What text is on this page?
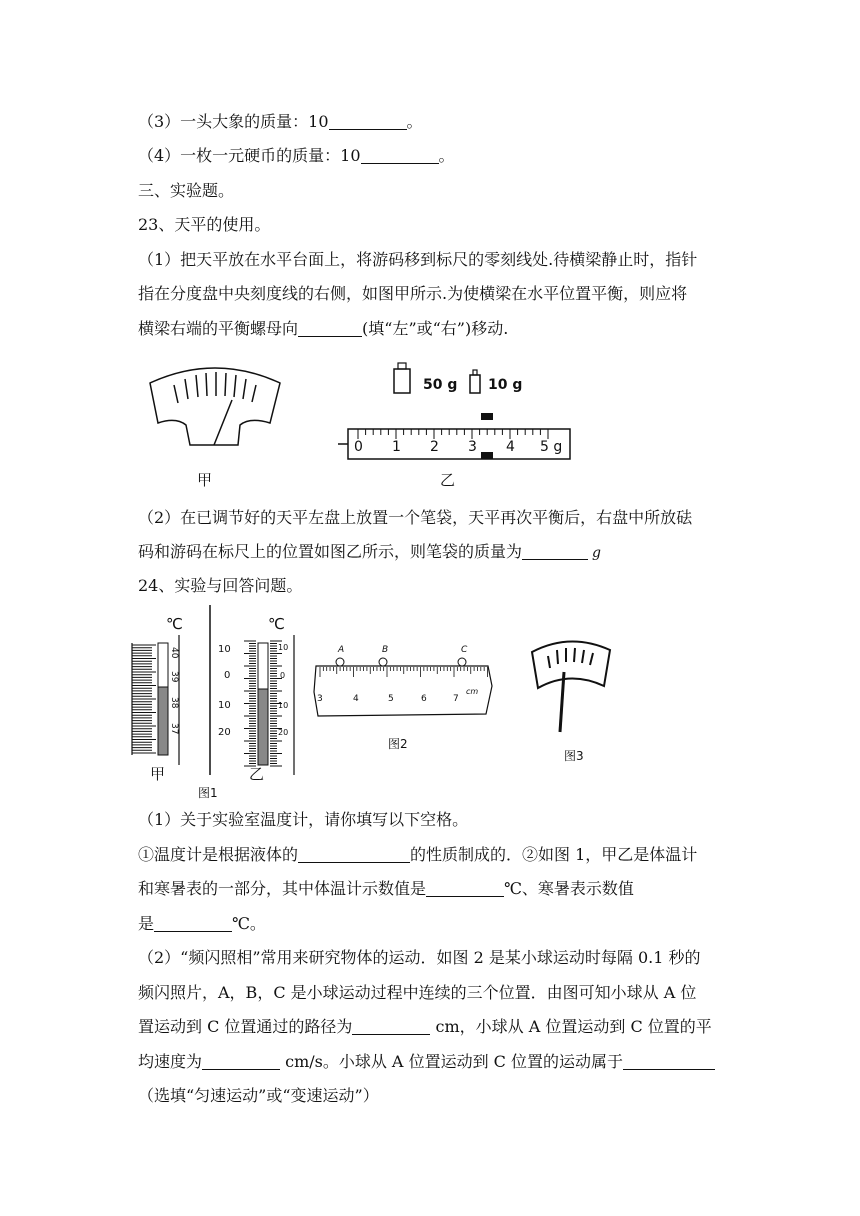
（3）一头大象的质量：10	。
（4）一枚一元硬币的质量：10	。
三、实验题。
23、天平的使用。
（1）把天平放在水平台面上，将游码移到标尺的零刻线处.待横梁静止时，指针
指在分度盘中央刻度线的右侧，如图甲所示.为使横梁在水平位置平衡，则应将
横梁右端的平衡螺母向	(填“左”或“右”)移动.
甲
50 g 10 g
0 1 2 3 4 5 g
乙
（2）在已调节好的天平左盘上放置一个笔袋，天平再次平衡后，右盘中所放砝
码和游码在标尺上的位置如图乙所示，则笔袋的质量为	g
24、实验与回答问题。
℃
40
39
38
37
甲
℃
10
0
10
20
10
0
10
20
乙
图1
A	B	C
3	4	5	6	7
cm
图2
图3
（1）关于实验室温度计，请你填写以下空格。
①温度计是根据液体的	的性质制成的．②如图 1，甲乙是体温计
和寒暑表的一部分，其中体温计示数值是	℃、寒暑表示数值
是	℃。
（2）“频闪照相”常用来研究物体的运动．如图 2 是某小球运动时每隔 0.1 秒的
频闪照片，A，B，C 是小球运动过程中连续的三个位置．由图可知小球从 A 位
置运动到 C 位置通过的路径为	cm，小球从 A 位置运动到 C 位置的平
均速度为	cm/s。小球从 A 位置运动到 C 位置的运动属于
（选填“匀速运动”或“变速运动”）
